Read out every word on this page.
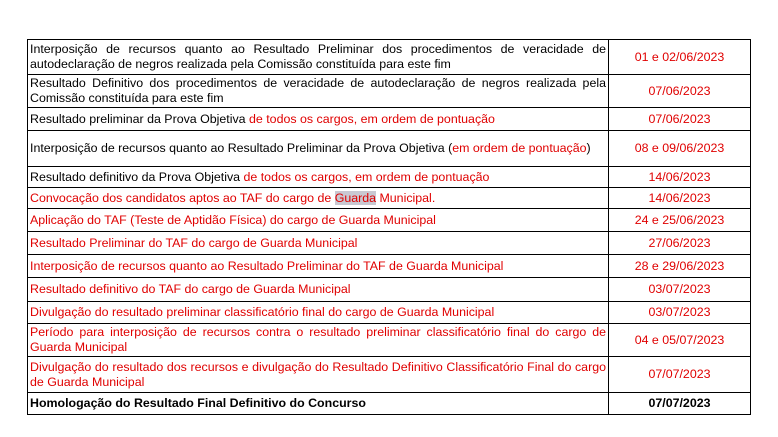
Interposição de recursos quanto ao Resultado Preliminar dos procedimentos de veracidade de autodeclaração de negros realizada pela Comissão constituída para este fim	01 e 02/06/2023
Resultado Definitivo dos procedimentos de veracidade de autodeclaração de negros realizada pela Comissão constituída para este fim	07/06/2023
Resultado preliminar da Prova Objetiva de todos os cargos, em ordem de pontuação	07/06/2023
Interposição de recursos quanto ao Resultado Preliminar da Prova Objetiva (em ordem de pontuação)	08 e 09/06/2023
Resultado definitivo da Prova Objetiva de todos os cargos, em ordem de pontuação	14/06/2023
Convocação dos candidatos aptos ao TAF do cargo de Guarda Municipal.	14/06/2023
Aplicação do TAF (Teste de Aptidão Física) do cargo de Guarda Municipal	24 e 25/06/2023
Resultado Preliminar do TAF do cargo de Guarda Municipal	27/06/2023
Interposição de recursos quanto ao Resultado Preliminar do TAF de Guarda Municipal	28 e 29/06/2023
Resultado definitivo do TAF do cargo de Guarda Municipal	03/07/2023
Divulgação do resultado preliminar classificatório final do cargo de Guarda Municipal	03/07/2023
Período para interposição de recursos contra o resultado preliminar classificatório final do cargo de Guarda Municipal	04 e 05/07/2023
Divulgação do resultado dos recursos e divulgação do Resultado Definitivo Classificatório Final do cargo de Guarda Municipal	07/07/2023
Homologação do Resultado Final Definitivo do Concurso	07/07/2023
